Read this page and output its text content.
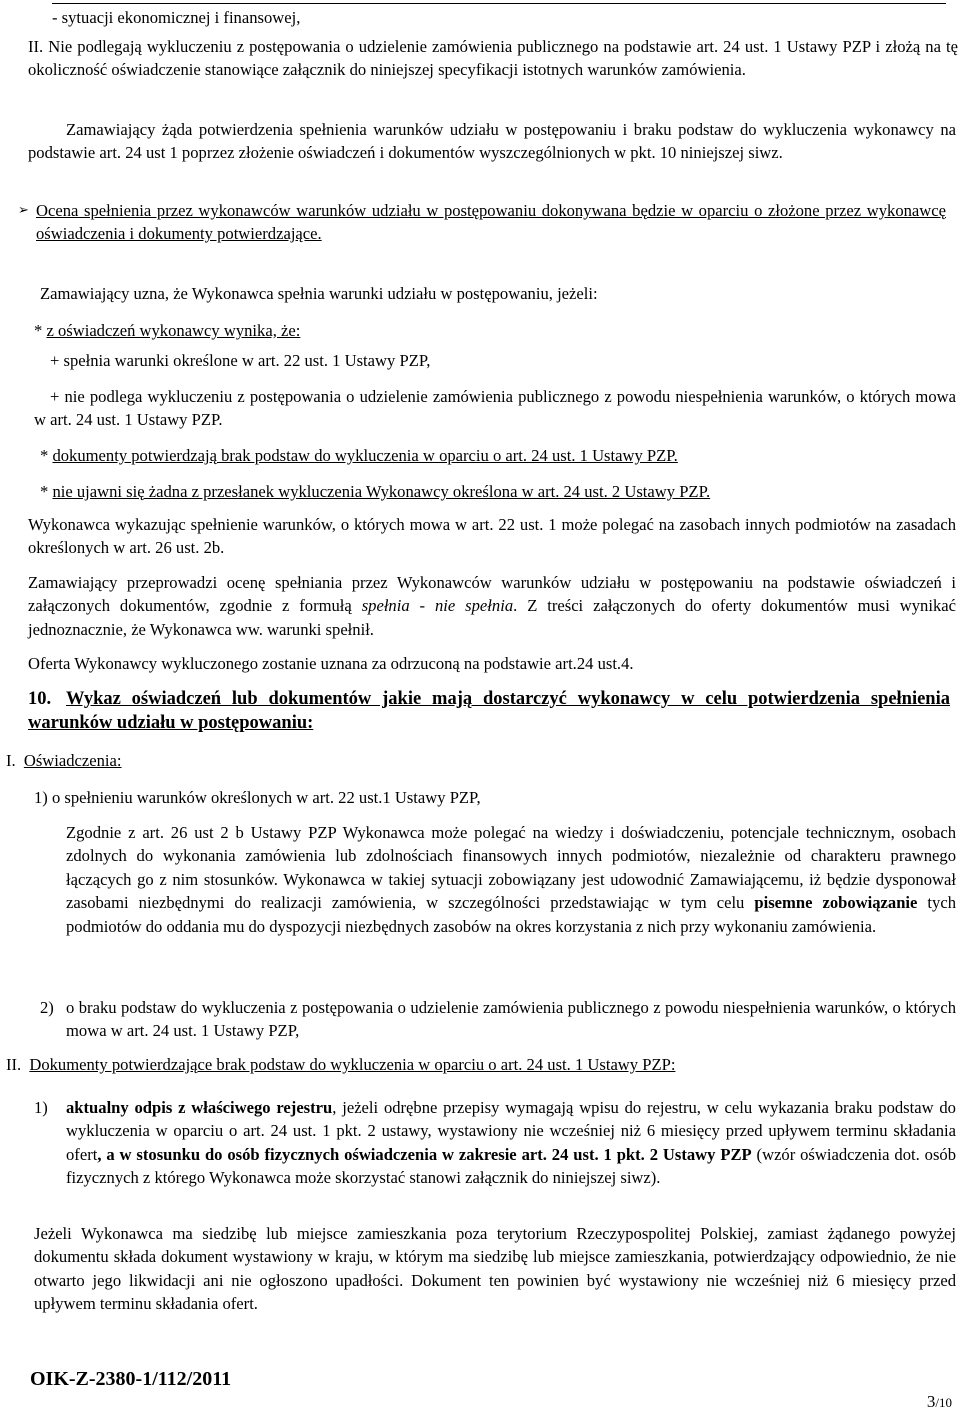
- sytuacji ekonomicznej i finansowej,

II. Nie podlegają wykluczeniu z postępowania o udzielenie zamówienia publicznego na podstawie art. 24 ust. 1 Ustawy PZP i złożą na tę okoliczność oświadczenie stanowiące załącznik do niniejszej specyfikacji istotnych warunków zamówienia.

Zamawiający żąda potwierdzenia spełnienia warunków udziału w postępowaniu i braku podstaw do wykluczenia wykonawcy na podstawie art. 24 ust 1 poprzez złożenie oświadczeń i dokumentów wyszczególnionych w pkt. 10 niniejszej siwz.

➢ Ocena spełnienia przez wykonawców warunków udziału w postępowaniu dokonywana będzie w oparciu o złożone przez wykonawcę oświadczenia i dokumenty potwierdzające.

Zamawiający uzna, że Wykonawca spełnia warunki udziału w postępowaniu, jeżeli:

* z oświadczeń wykonawcy wynika, że:

+ spełnia warunki określone w art. 22 ust. 1 Ustawy PZP,

+ nie podlega wykluczeniu z postępowania o udzielenie zamówienia publicznego z powodu niespełnienia warunków, o których mowa w art. 24 ust. 1 Ustawy PZP.

* dokumenty potwierdzają brak podstaw do wykluczenia w oparciu o art. 24 ust. 1 Ustawy PZP.

* nie ujawni się żadna z przesłanek wykluczenia Wykonawcy określona w art. 24 ust. 2 Ustawy PZP.

Wykonawca wykazując spełnienie warunków, o których mowa w art. 22 ust. 1 może polegać na zasobach innych podmiotów na zasadach określonych w art. 26 ust. 2b.

Zamawiający przeprowadzi ocenę spełniania przez Wykonawców warunków udziału w postępowaniu na podstawie oświadczeń i załączonych dokumentów, zgodnie z formułą spełnia - nie spełnia. Z treści załączonych do oferty dokumentów musi wynikać jednoznacznie, że Wykonawca ww. warunki spełnił.

Oferta Wykonawcy wykluczonego zostanie uznana za odrzuconą na podstawie art.24 ust.4.

10. Wykaz oświadczeń lub dokumentów jakie mają dostarczyć wykonawcy w celu potwierdzenia spełnienia warunków udziału w postępowaniu:

I. Oświadczenia:

1) o spełnieniu warunków określonych w art. 22 ust.1 Ustawy PZP,

Zgodnie z art. 26 ust 2 b Ustawy PZP Wykonawca może polegać na wiedzy i doświadczeniu, potencjale technicznym, osobach zdolnych do wykonania zamówienia lub zdolnościach finansowych innych podmiotów, niezależnie od charakteru prawnego łączących go z nim stosunków. Wykonawca w takiej sytuacji zobowiązany jest udowodnić Zamawiającemu, iż będzie dysponował zasobami niezbędnymi do realizacji zamówienia, w szczególności przedstawiając w tym celu pisemne zobowiązanie tych podmiotów do oddania mu do dyspozycji niezbędnych zasobów na okres korzystania z nich przy wykonaniu zamówienia.

2) o braku podstaw do wykluczenia z postępowania o udzielenie zamówienia publicznego z powodu niespełnienia warunków, o których mowa w art. 24 ust. 1 Ustawy PZP,

II. Dokumenty potwierdzające brak podstaw do wykluczenia w oparciu o art. 24 ust. 1 Ustawy PZP:

1) aktualny odpis z właściwego rejestru, jeżeli odrębne przepisy wymagają wpisu do rejestru, w celu wykazania braku podstaw do wykluczenia w oparciu o art. 24 ust. 1 pkt. 2 ustawy, wystawiony nie wcześniej niż 6 miesięcy przed upływem terminu składania ofert, a w stosunku do osób fizycznych oświadczenia w zakresie art. 24 ust. 1 pkt. 2 Ustawy PZP (wzór oświadczenia dot. osób fizycznych z którego Wykonawca może skorzystać stanowi załącznik do niniejszej siwz).

Jeżeli Wykonawca ma siedzibę lub miejsce zamieszkania poza terytorium Rzeczypospolitej Polskiej, zamiast żądanego powyżej dokumentu składa dokument wystawiony w kraju, w którym ma siedzibę lub miejsce zamieszkania, potwierdzający odpowiednio, że nie otwarto jego likwidacji ani nie ogłoszono upadłości. Dokument ten powinien być wystawiony nie wcześniej niż 6 miesięcy przed upływem terminu składania ofert.

OIK-Z-2380-1/112/2011
3/10
